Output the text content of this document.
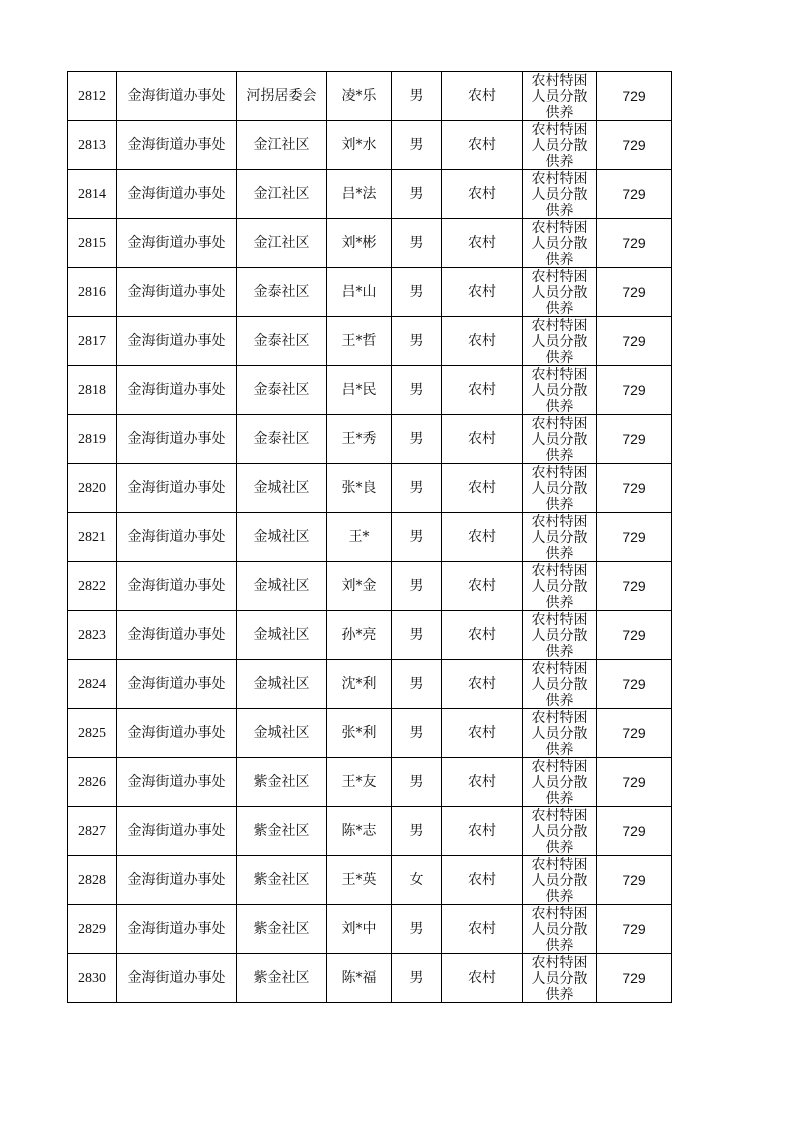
2812	金海街道办事处	河拐居委会	凌*乐	男	农村	农村特困人员分散供养	729
2813	金海街道办事处	金江社区	刘*水	男	农村	农村特困人员分散供养	729
2814	金海街道办事处	金江社区	吕*法	男	农村	农村特困人员分散供养	729
2815	金海街道办事处	金江社区	刘*彬	男	农村	农村特困人员分散供养	729
2816	金海街道办事处	金泰社区	吕*山	男	农村	农村特困人员分散供养	729
2817	金海街道办事处	金泰社区	王*哲	男	农村	农村特困人员分散供养	729
2818	金海街道办事处	金泰社区	吕*民	男	农村	农村特困人员分散供养	729
2819	金海街道办事处	金泰社区	王*秀	男	农村	农村特困人员分散供养	729
2820	金海街道办事处	金城社区	张*良	男	农村	农村特困人员分散供养	729
2821	金海街道办事处	金城社区	王*	男	农村	农村特困人员分散供养	729
2822	金海街道办事处	金城社区	刘*金	男	农村	农村特困人员分散供养	729
2823	金海街道办事处	金城社区	孙*亮	男	农村	农村特困人员分散供养	729
2824	金海街道办事处	金城社区	沈*利	男	农村	农村特困人员分散供养	729
2825	金海街道办事处	金城社区	张*利	男	农村	农村特困人员分散供养	729
2826	金海街道办事处	紫金社区	王*友	男	农村	农村特困人员分散供养	729
2827	金海街道办事处	紫金社区	陈*志	男	农村	农村特困人员分散供养	729
2828	金海街道办事处	紫金社区	王*英	女	农村	农村特困人员分散供养	729
2829	金海街道办事处	紫金社区	刘*中	男	农村	农村特困人员分散供养	729
2830	金海街道办事处	紫金社区	陈*福	男	农村	农村特困人员分散供养	729
